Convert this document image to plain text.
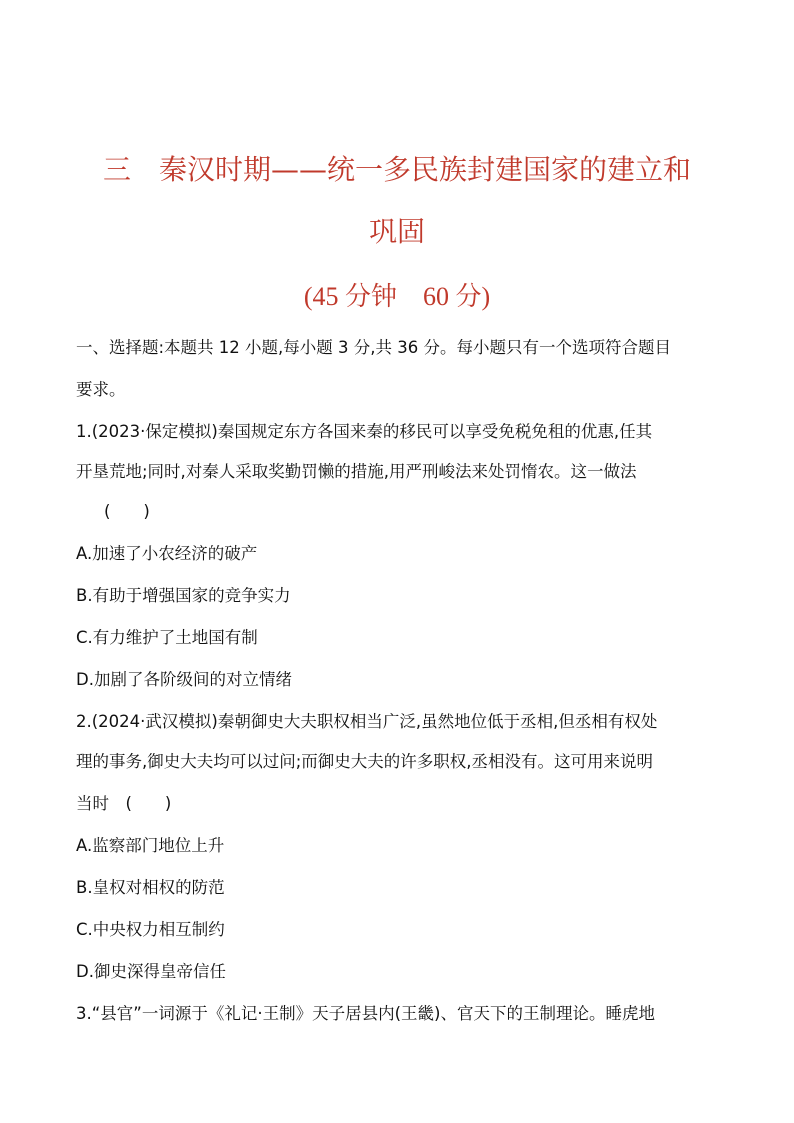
三　秦汉时期——统一多民族封建国家的建立和
巩固
(45 分钟　60 分)
一、选择题:本题共 12 小题,每小题 3 分,共 36 分。每小题只有一个选项符合题目
要求。
1.(2023·保定模拟)秦国规定东方各国来秦的移民可以享受免税免租的优惠,任其
开垦荒地;同时,对秦人采取奖勤罚懒的措施,用严刑峻法来处罚惰农。这一做法
(　　)
A.加速了小农经济的破产
B.有助于增强国家的竞争实力
C.有力维护了土地国有制
D.加剧了各阶级间的对立情绪
2.(2024·武汉模拟)秦朝御史大夫职权相当广泛,虽然地位低于丞相,但丞相有权处
理的事务,御史大夫均可以过问;而御史大夫的许多职权,丞相没有。这可用来说明
当时　(　　)
A.监察部门地位上升
B.皇权对相权的防范
C.中央权力相互制约
D.御史深得皇帝信任
3.“县官”一词源于《礼记·王制》天子居县内(王畿)、官天下的王制理论。睡虎地
